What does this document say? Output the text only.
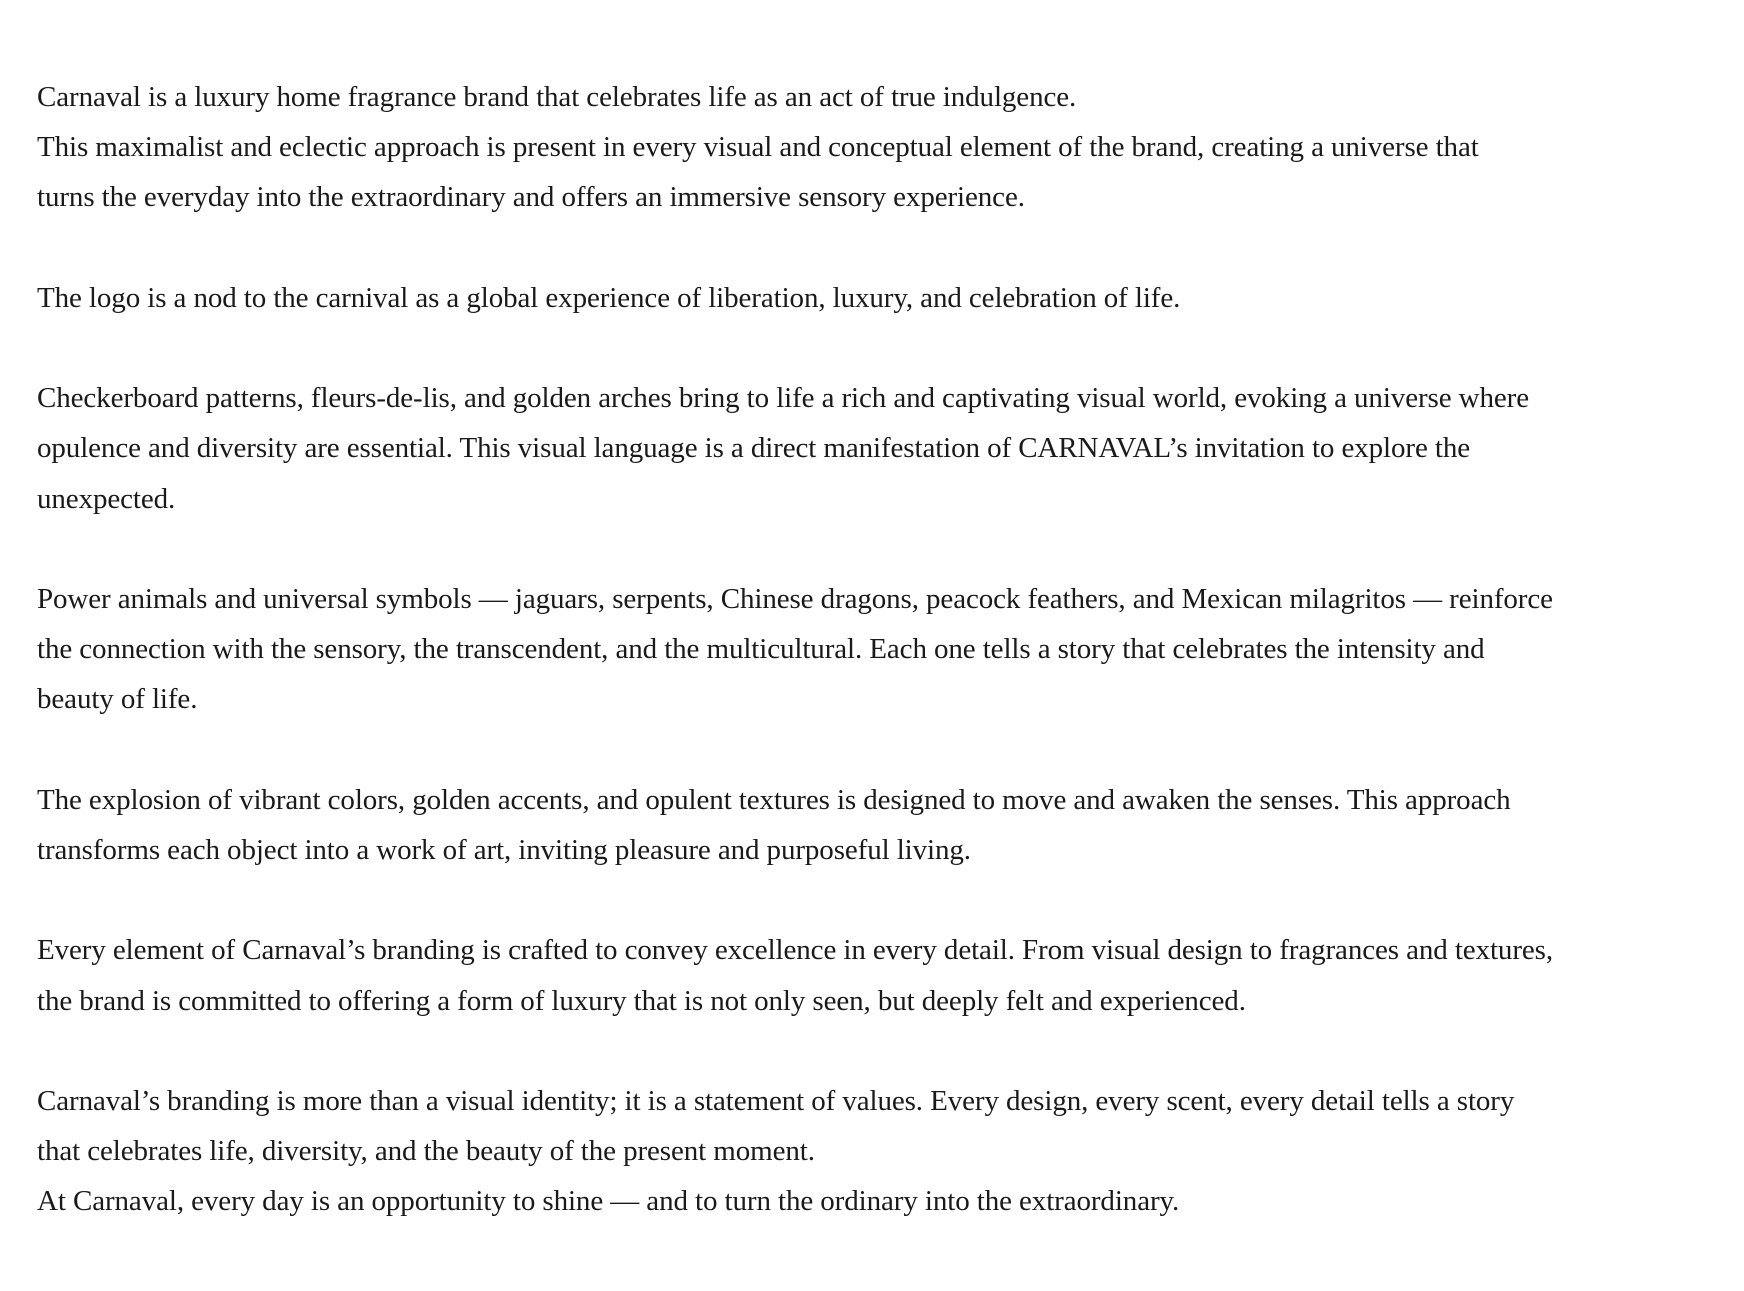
Carnaval is a luxury home fragrance brand that celebrates life as an act of true indulgence.
This maximalist and eclectic approach is present in every visual and conceptual element of the brand, creating a universe that
turns the everyday into the extraordinary and offers an immersive sensory experience.

The logo is a nod to the carnival as a global experience of liberation, luxury, and celebration of life.

Checkerboard patterns, fleurs-de-lis, and golden arches bring to life a rich and captivating visual world, evoking a universe where
opulence and diversity are essential. This visual language is a direct manifestation of CARNAVAL’s invitation to explore the
unexpected.

Power animals and universal symbols — jaguars, serpents, Chinese dragons, peacock feathers, and Mexican milagritos — reinforce
the connection with the sensory, the transcendent, and the multicultural. Each one tells a story that celebrates the intensity and
beauty of life.

The explosion of vibrant colors, golden accents, and opulent textures is designed to move and awaken the senses. This approach
transforms each object into a work of art, inviting pleasure and purposeful living.

Every element of Carnaval’s branding is crafted to convey excellence in every detail. From visual design to fragrances and textures,
the brand is committed to offering a form of luxury that is not only seen, but deeply felt and experienced.

Carnaval’s branding is more than a visual identity; it is a statement of values. Every design, every scent, every detail tells a story
that celebrates life, diversity, and the beauty of the present moment.
At Carnaval, every day is an opportunity to shine — and to turn the ordinary into the extraordinary.
